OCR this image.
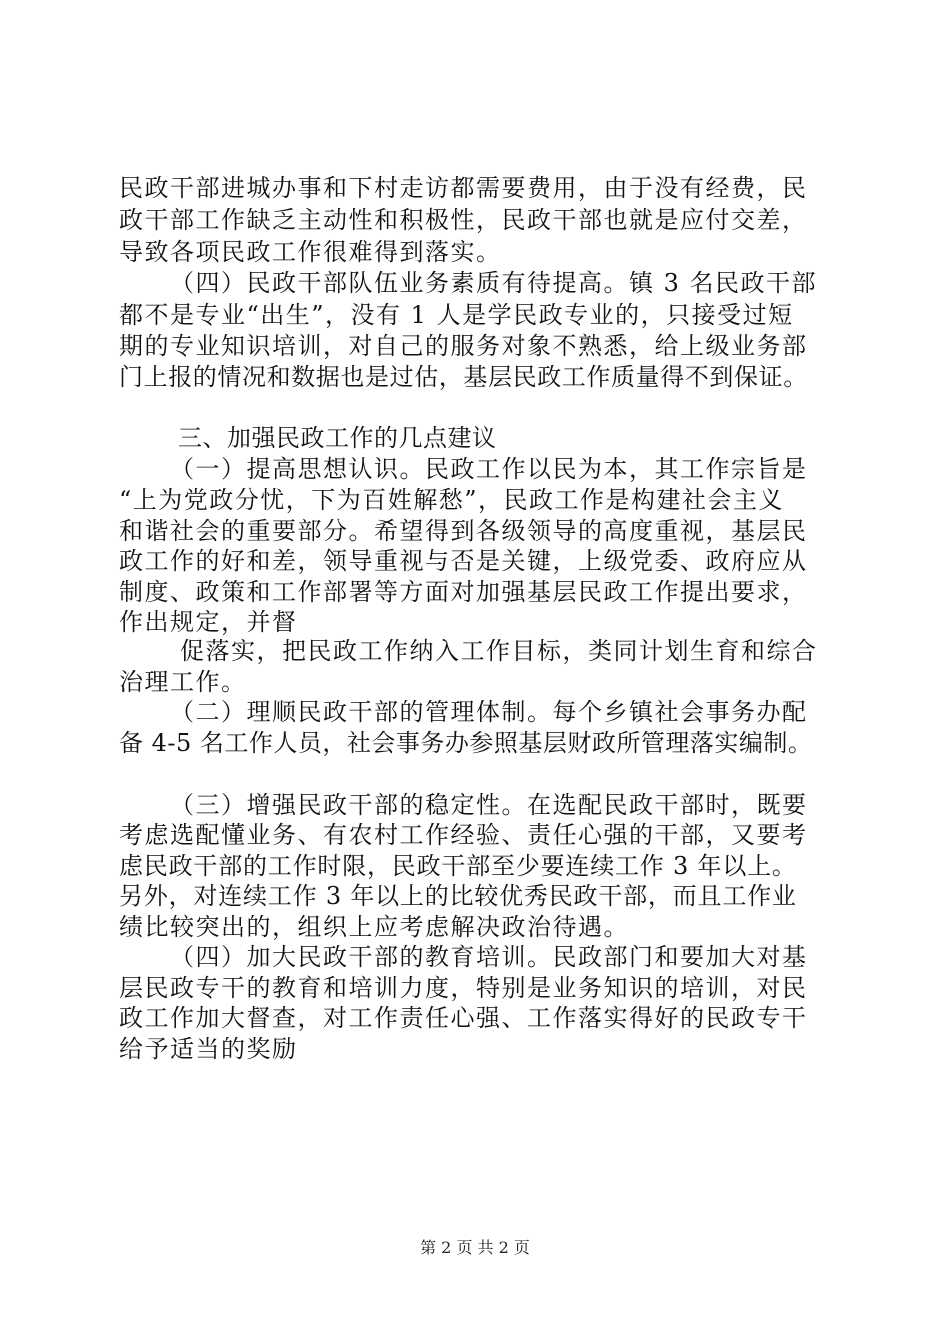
民政干部进城办事和下村走访都需要费用，由于没有经费，民
政干部工作缺乏主动性和积极性，民政干部也就是应付交差，
导致各项民政工作很难得到落实。
（四）民政干部队伍业务素质有待提高。镇 3 名民政干部
都不是专业“出生”，没有 1 人是学民政专业的，只接受过短
期的专业知识培训，对自己的服务对象不熟悉，给上级业务部
门上报的情况和数据也是过估，基层民政工作质量得不到保证。
三、加强民政工作的几点建议
（一）提高思想认识。民政工作以民为本，其工作宗旨是
“上为党政分忧，下为百姓解愁”，民政工作是构建社会主义
和谐社会的重要部分。希望得到各级领导的高度重视，基层民
政工作的好和差，领导重视与否是关键，上级党委、政府应从
制度、政策和工作部署等方面对加强基层民政工作提出要求，
作出规定，并督
促落实，把民政工作纳入工作目标，类同计划生育和综合
治理工作。
（二）理顺民政干部的管理体制。每个乡镇社会事务办配
备 4-5 名工作人员，社会事务办参照基层财政所管理落实编制。
（三）增强民政干部的稳定性。在选配民政干部时，既要
考虑选配懂业务、有农村工作经验、责任心强的干部，又要考
虑民政干部的工作时限，民政干部至少要连续工作 3 年以上。
另外，对连续工作 3 年以上的比较优秀民政干部，而且工作业
绩比较突出的，组织上应考虑解决政治待遇。
（四）加大民政干部的教育培训。民政部门和要加大对基
层民政专干的教育和培训力度，特别是业务知识的培训，对民
政工作加大督查，对工作责任心强、工作落实得好的民政专干
给予适当的奖励
第 2 页 共 2 页
